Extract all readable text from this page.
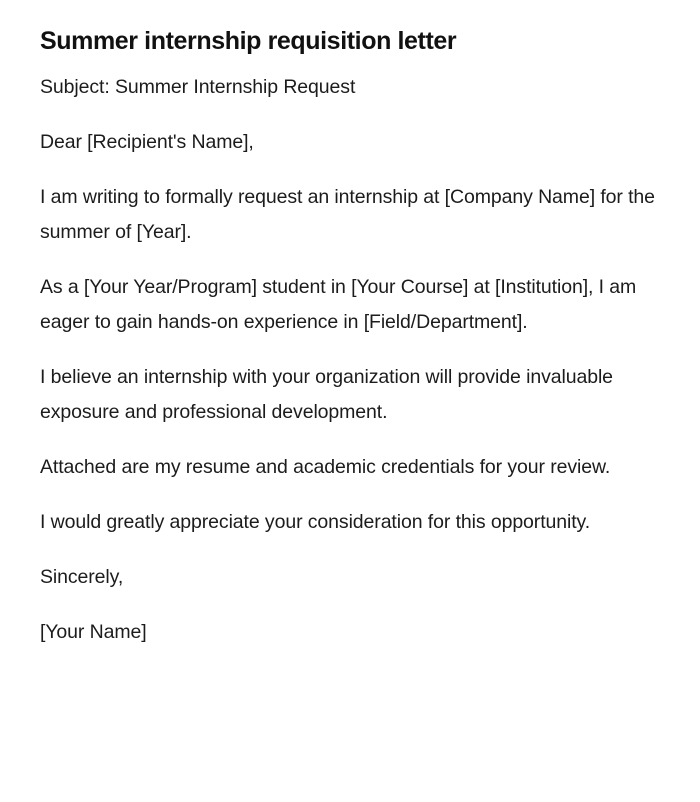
Summer internship requisition letter

Subject: Summer Internship Request

Dear [Recipient's Name],

I am writing to formally request an internship at [Company Name] for the summer of [Year].

As a [Your Year/Program] student in [Your Course] at [Institution], I am eager to gain hands-on experience in [Field/Department].

I believe an internship with your organization will provide invaluable exposure and professional development.

Attached are my resume and academic credentials for your review.

I would greatly appreciate your consideration for this opportunity.

Sincerely,

[Your Name]
